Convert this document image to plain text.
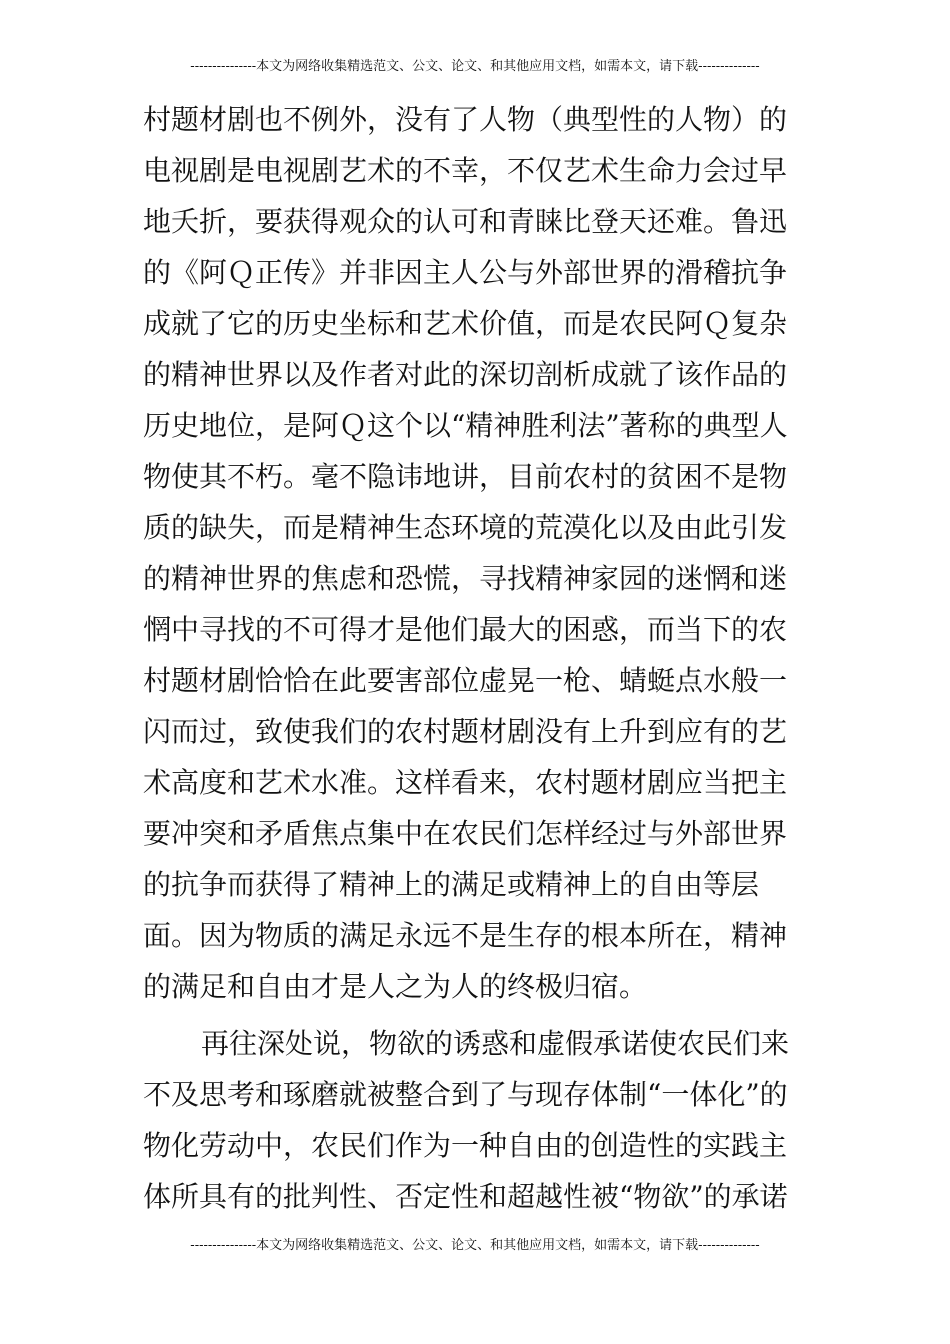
---------------本文为网络收集精选范文、公文、论文、和其他应用文档，如需本文，请下载--------------
村题材剧也不例外，没有了人物（典型性的人物）的
电视剧是电视剧艺术的不幸，不仅艺术生命力会过早
地夭折，要获得观众的认可和青睐比登天还难。鲁迅
的《阿Ｑ正传》并非因主人公与外部世界的滑稽抗争
成就了它的历史坐标和艺术价值，而是农民阿Ｑ复杂
的精神世界以及作者对此的深切剖析成就了该作品的
历史地位，是阿Ｑ这个以“精神胜利法”著称的典型人
物使其不朽。毫不隐讳地讲，目前农村的贫困不是物
质的缺失，而是精神生态环境的荒漠化以及由此引发
的精神世界的焦虑和恐慌，寻找精神家园的迷惘和迷
惘中寻找的不可得才是他们最大的困惑，而当下的农
村题材剧恰恰在此要害部位虚晃一枪、蜻蜓点水般一
闪而过，致使我们的农村题材剧没有上升到应有的艺
术高度和艺术水准。这样看来，农村题材剧应当把主
要冲突和矛盾焦点集中在农民们怎样经过与外部世界
的抗争而获得了精神上的满足或精神上的自由等层
面。因为物质的满足永远不是生存的根本所在，精神
的满足和自由才是人之为人的终极归宿。
再往深处说，物欲的诱惑和虚假承诺使农民们来
不及思考和琢磨就被整合到了与现存体制“一体化”的
物化劳动中，农民们作为一种自由的创造性的实践主
体所具有的批判性、否定性和超越性被“物欲”的承诺
---------------本文为网络收集精选范文、公文、论文、和其他应用文档，如需本文，请下载--------------
